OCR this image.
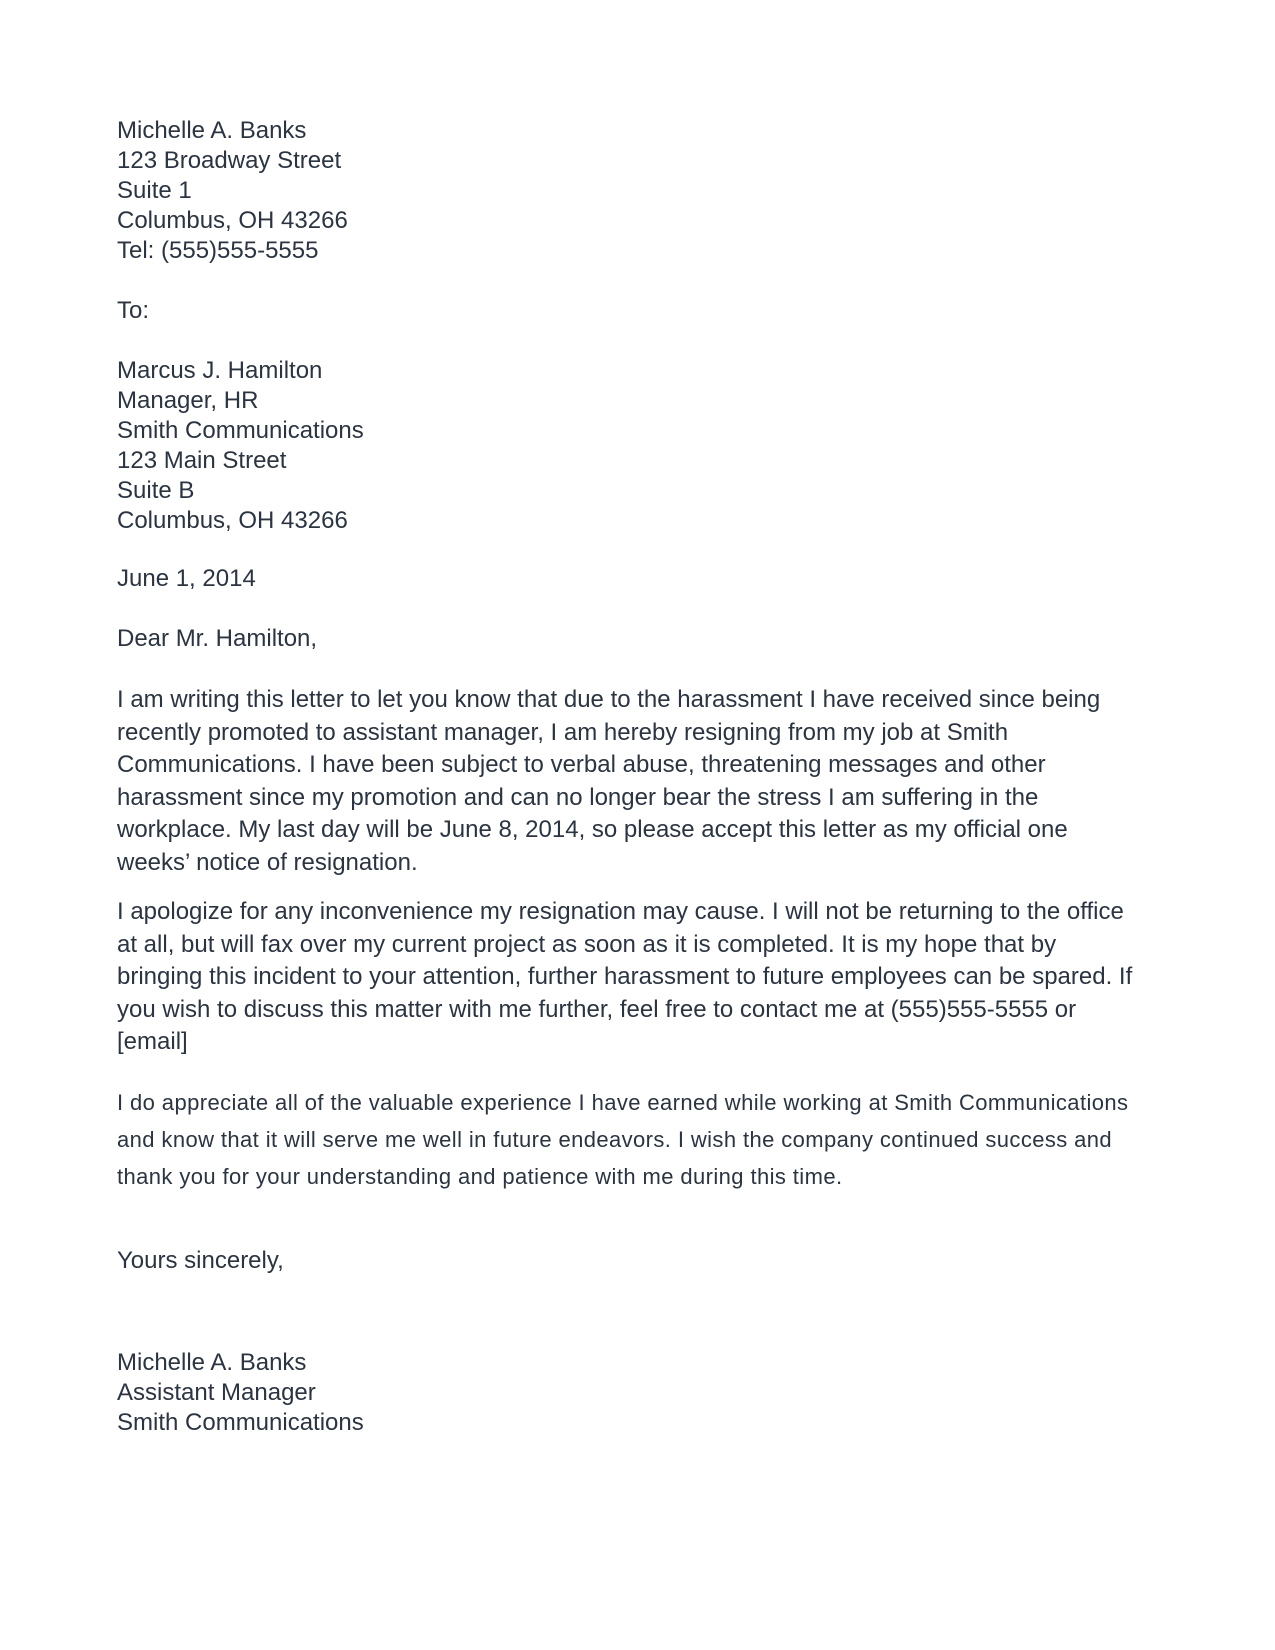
Michelle A. Banks
123 Broadway Street
Suite 1
Columbus, OH 43266
Tel: (555)555-5555
To:
Marcus J. Hamilton
Manager, HR
Smith Communications
123 Main Street
Suite B
Columbus, OH 43266
June 1, 2014
Dear Mr. Hamilton,

I am writing this letter to let you know that due to the harassment I have received since being recently promoted to assistant manager, I am hereby resigning from my job at Smith Communications. I have been subject to verbal abuse, threatening messages and other harassment since my promotion and can no longer bear the stress I am suffering in the workplace. My last day will be June 8, 2014, so please accept this letter as my official one weeks’ notice of resignation.

I apologize for any inconvenience my resignation may cause. I will not be returning to the office at all, but will fax over my current project as soon as it is completed. It is my hope that by bringing this incident to your attention, further harassment to future employees can be spared. If you wish to discuss this matter with me further, feel free to contact me at (555)555-5555 or [email]

I do appreciate all of the valuable experience I have earned while working at Smith Communications and know that it will serve me well in future endeavors. I wish the company continued success and thank you for your understanding and patience with me during this time.

Yours sincerely,
Michelle A. Banks
Assistant Manager
Smith Communications
